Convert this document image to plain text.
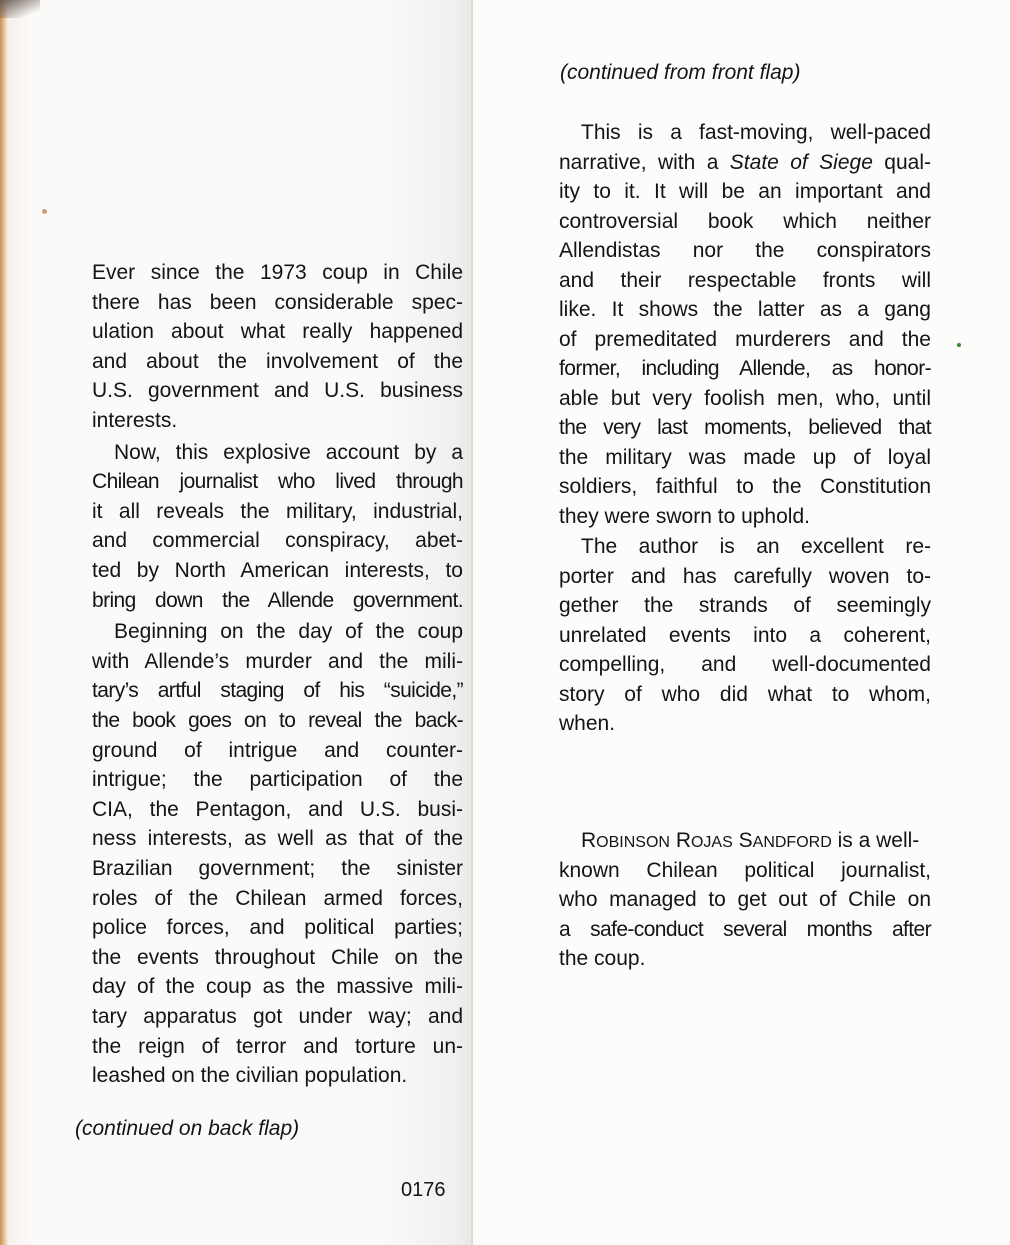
Ever since the 1973 coup in Chile
there has been considerable spec-
ulation about what really happened
and about the involvement of the
U.S. government and U.S. business
interests.
Now, this explosive account by a
Chilean journalist who lived through
it all reveals the military, industrial,
and commercial conspiracy, abet-
ted by North American interests, to
bring down the Allende government.
Beginning on the day of the coup
with Allende’s murder and the mili-
tary’s artful staging of his “suicide,”
the book goes on to reveal the back-
ground of intrigue and counter-
intrigue; the participation of the
CIA, the Pentagon, and U.S. busi-
ness interests, as well as that of the
Brazilian government; the sinister
roles of the Chilean armed forces,
police forces, and political parties;
the events throughout Chile on the
day of the coup as the massive mili-
tary apparatus got under way; and
the reign of terror and torture un-
leashed on the civilian population.
(continued on back flap)
0176
(continued from front flap)
This is a fast-moving, well-paced
narrative, with a State of Siege qual-
ity to it. It will be an important and
controversial book which neither
Allendistas nor the conspirators
and their respectable fronts will
like. It shows the latter as a gang
of premeditated murderers and the
former, including Allende, as honor-
able but very foolish men, who, until
the very last moments, believed that
the military was made up of loyal
soldiers, faithful to the Constitution
they were sworn to uphold.
The author is an excellent re-
porter and has carefully woven to-
gether the strands of seemingly
unrelated events into a coherent,
compelling, and well-documented
story of who did what to whom,
when.
ROBINSON ROJAS SANDFORD is a well-
known Chilean political journalist,
who managed to get out of Chile on
a safe-conduct several months after
the coup.
